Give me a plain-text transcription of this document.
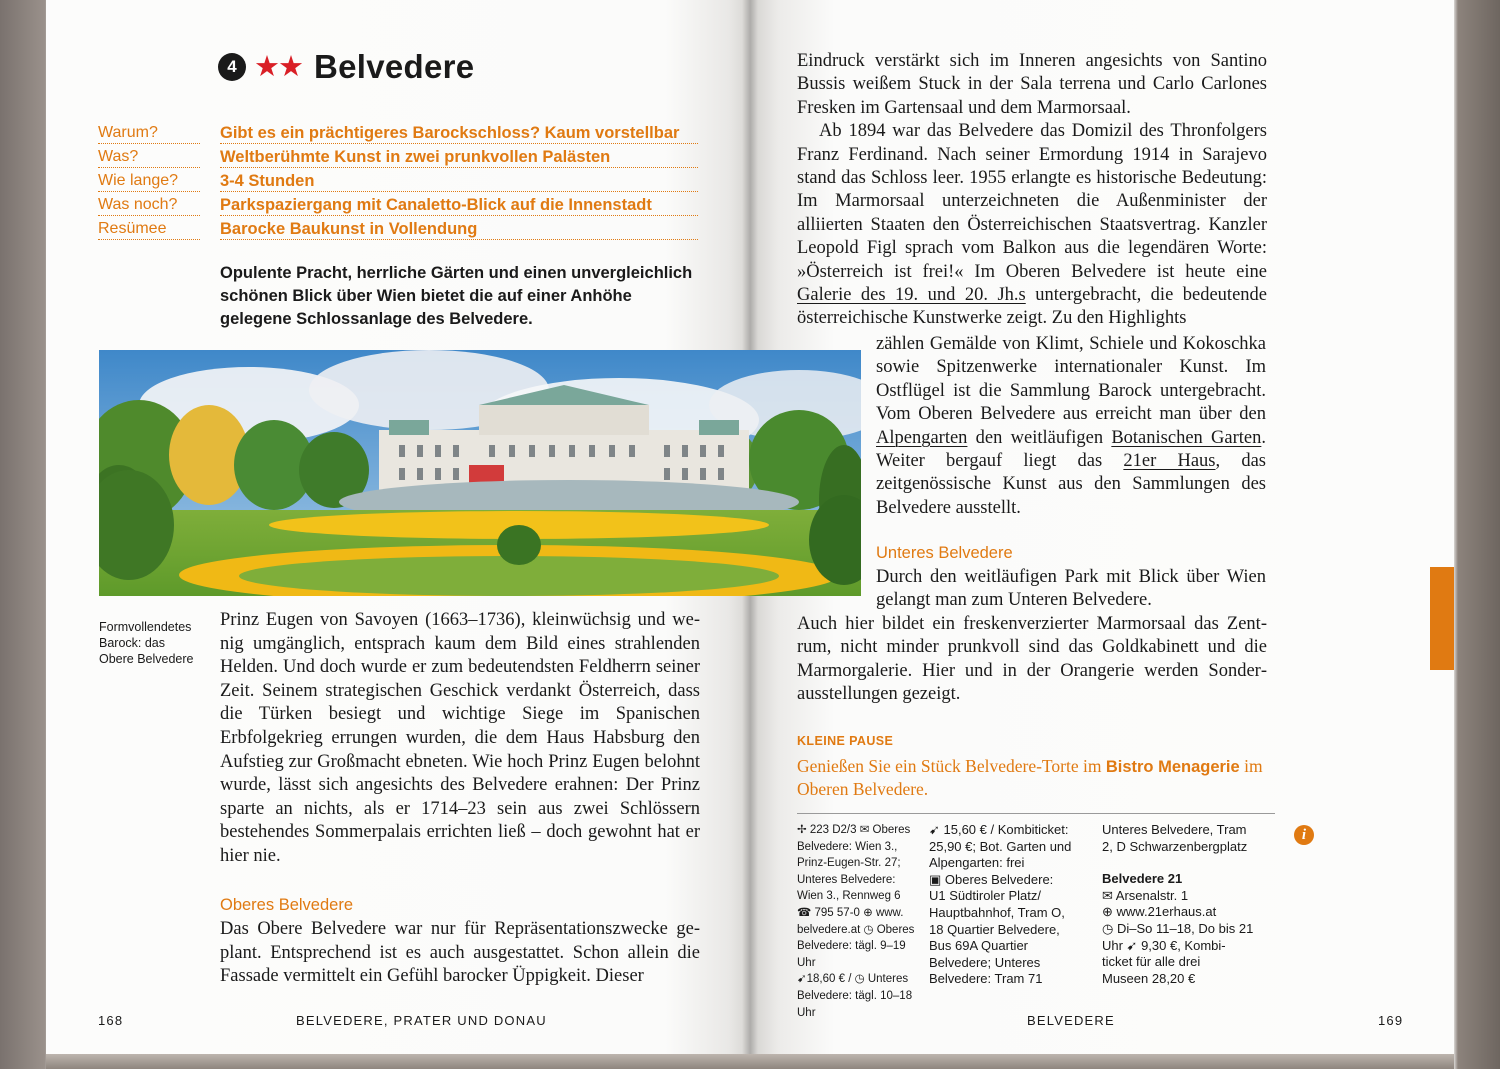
4 ★★ Belvedere
Warum?	Gibt es ein prächtigeres Barockschloss? Kaum vorstellbar
Was?	Weltberühmte Kunst in zwei prunkvollen Palästen
Wie lange?	3-4 Stunden
Was noch?	Parkspaziergang mit Canaletto-Blick auf die Innenstadt
Resümee	Barocke Baukunst in Vollendung

Opulente Pracht, herrliche Gärten und einen unvergleichlich schönen Blick über Wien bietet die auf einer Anhöhe gelegene Schlossanlage des Belvedere.

Formvollendetes Barock: das Obere Belvedere

Prinz Eugen von Savoyen (1663–1736), kleinwüchsig und wenig umgänglich, entsprach kaum dem Bild eines strahlenden Helden. Und doch wurde er zum bedeutendsten Feldherrn seiner Zeit. Seinem strategischen Geschick verdankt Österreich, dass die Türken besiegt und wichtige Siege im Spanischen Erbfolgekrieg errungen wurden, die dem Haus Habsburg den Aufstieg zur Großmacht ebneten. Wie hoch Prinz Eugen belohnt wurde, lässt sich angesichts des Belvedere erahnen: Der Prinz sparte an nichts, als er 1714–23 sein aus zwei Schlössern bestehendes Sommerpalais errichten ließ – doch gewohnt hat er hier nie.

Oberes Belvedere

Das Obere Belvedere war nur für Repräsentationszwecke geplant. Entsprechend ist es auch ausgestattet. Schon allein die Fassade vermittelt ein Gefühl barocker Üppigkeit. Dieser

168	BELVEDERE, PRATER UND DONAU

Eindruck verstärkt sich im Inneren angesichts von Santino Bussis weißem Stuck in der Sala terrena und Carlo Carlones Fresken im Gartensaal und dem Marmorsaal.
Ab 1894 war das Belvedere das Domizil des Thronfolgers Franz Ferdinand. Nach seiner Ermordung 1914 in Sarajevo stand das Schloss leer. 1955 erlangte es historische Bedeutung: Im Marmorsaal unterzeichneten die Außenminister der alliierten Staaten den Österreichischen Staatsvertrag. Kanzler Leopold Figl sprach vom Balkon aus die legendären Worte: »Österreich ist frei!« Im Oberen Belvedere ist heute eine Galerie des 19. und 20. Jh.s untergebracht, die bedeutende österreichische Kunstwerke zeigt. Zu den Highlights

zählen Gemälde von Klimt, Schiele und Kokoschka sowie Spitzenwerke internationaler Kunst. Im Ostflügel ist die Sammlung Barock untergebracht. Vom Oberen Belvedere aus erreicht man über den Alpengarten den weitläufigen Botanischen Garten. Weiter bergauf liegt das 21er Haus, das zeitgenössische Kunst aus den Sammlungen des Belvedere ausstellt.

Unteres Belvedere

Durch den weitläufigen Park mit Blick über Wien gelangt man zum Unteren Belvedere.

Auch hier bildet ein freskenverzierter Marmorsaal das Zentrum, nicht minder prunkvoll sind das Goldkabinett und die Marmorgalerie. Hier und in der Orangerie werden Sonderausstellungen gezeigt.

KLEINE PAUSE

Genießen Sie ein Stück Belvedere-Torte im Bistro Menagerie im Oberen Belvedere.

✢ 223 D2/3 ✉ Oberes
Belvedere: Wien 3.,
Prinz-Eugen-Str. 27;
Unteres Belvedere:
Wien 3., Rennweg 6
☎ 795 57-0 ⊕ www.
belvedere.at ◷ Oberes
Belvedere: tägl. 9–19 Uhr
➹18,60 € / ◷ Unteres
Belvedere: tägl. 10–18 Uhr
➹ 15,60 € / Kombiticket:
25,90 €; Bot. Garten und
Alpengarten: frei
▣ Oberes Belvedere:
U1 Südtiroler Platz/
Hauptbahnhof, Tram O,
18 Quartier Belvedere,
Bus 69A Quartier
Belvedere; Unteres
Belvedere: Tram 71
Unteres Belvedere, Tram
2, D Schwarzenbergplatz
Belvedere 21
✉ Arsenalstr. 1
⊕ www.21erhaus.at
◷ Di–So 11–18, Do bis 21
Uhr ➹ 9,30 €, Kombi-
ticket für alle drei
Museen 28,20 €
i
BELVEDERE	169
